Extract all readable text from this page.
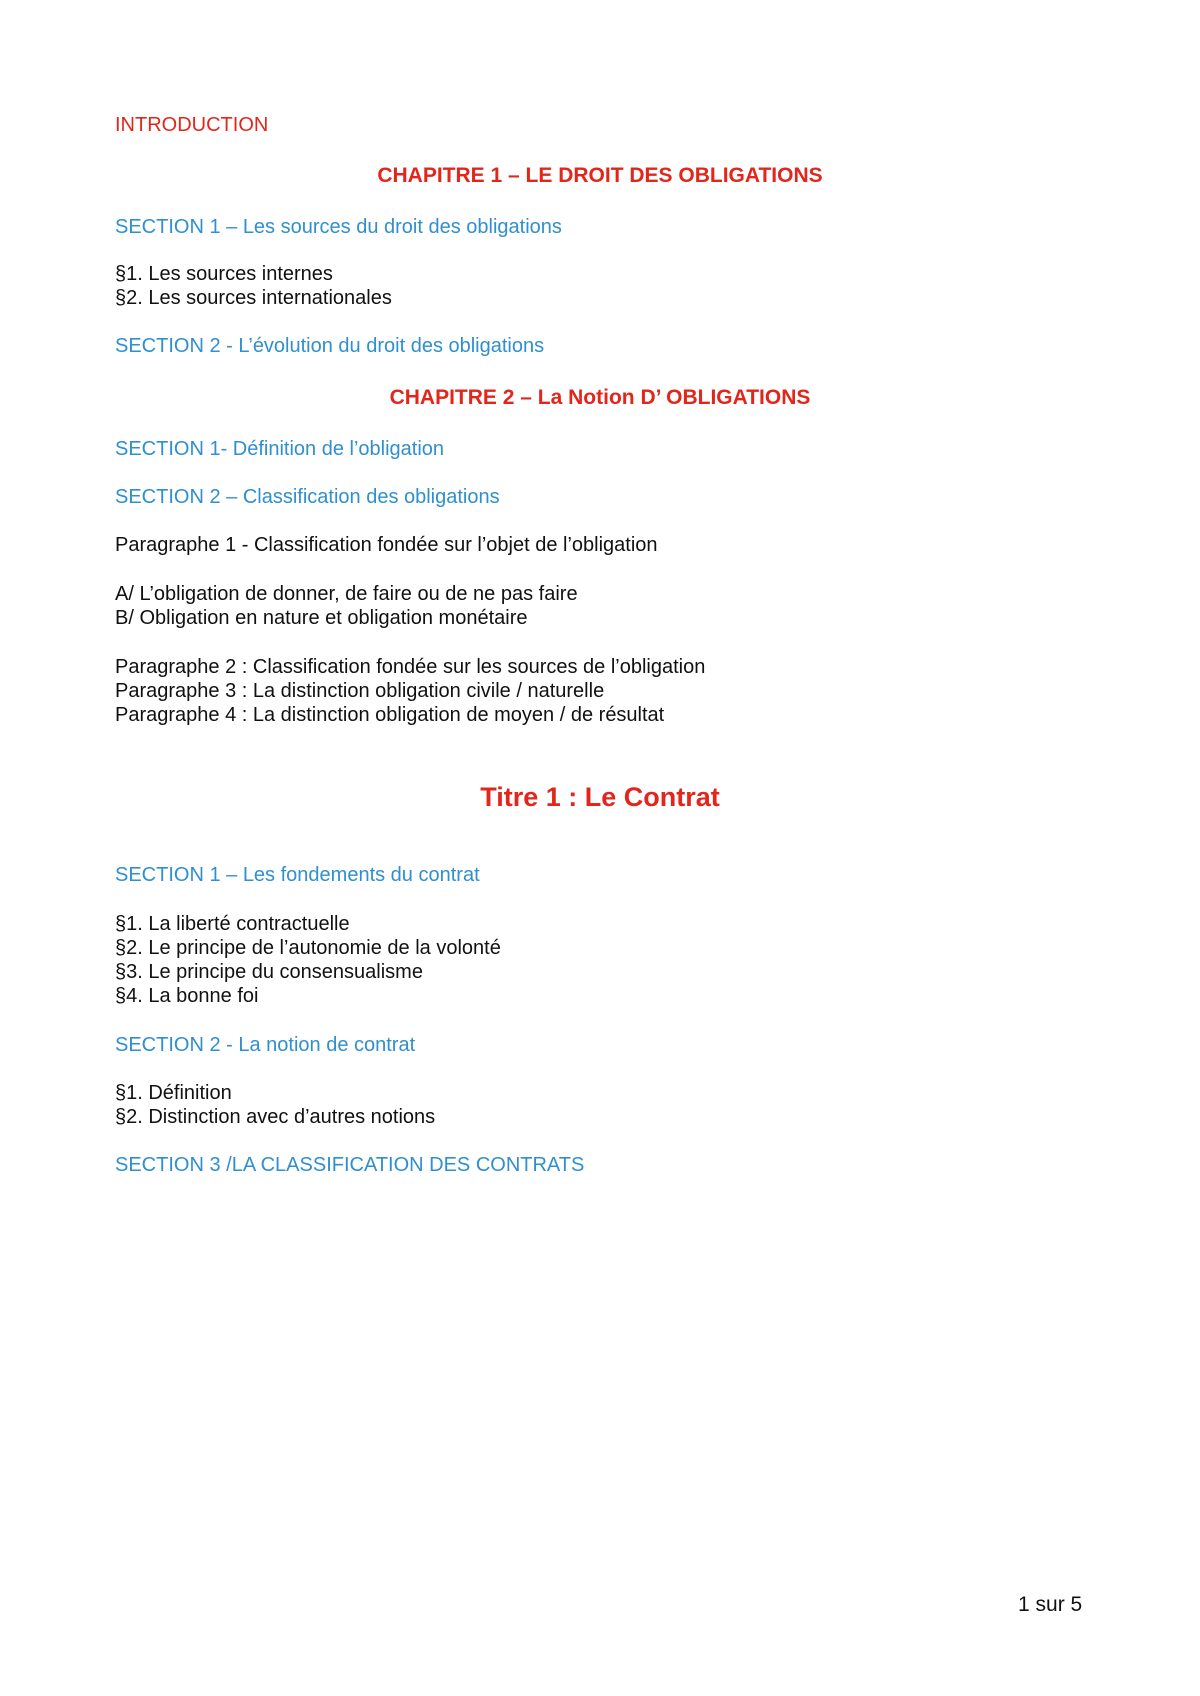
INTRODUCTION
CHAPITRE 1 – LE DROIT DES OBLIGATIONS
SECTION 1 – Les sources du droit des obligations
§1. Les sources internes
§2. Les sources internationales
SECTION 2 - L’évolution du droit des obligations
CHAPITRE 2 – La Notion D’ OBLIGATIONS
SECTION 1- Définition de l’obligation
SECTION 2 – Classification des obligations
Paragraphe 1 - Classification fondée sur l’objet de l’obligation
A/ L’obligation de donner, de faire ou de ne pas faire
B/ Obligation en nature et obligation monétaire
Paragraphe 2 : Classification fondée sur les sources de l’obligation
Paragraphe 3 : La distinction obligation civile / naturelle
Paragraphe 4 : La distinction obligation de moyen / de résultat
Titre 1 : Le Contrat
SECTION 1 – Les fondements du contrat
§1. La liberté contractuelle
§2. Le principe de l’autonomie de la volonté
§3. Le principe du consensualisme
§4. La bonne foi
SECTION 2 - La notion de contrat
§1. Définition
§2. Distinction avec d’autres notions
SECTION 3 /LA CLASSIFICATION DES CONTRATS
1 sur 5
